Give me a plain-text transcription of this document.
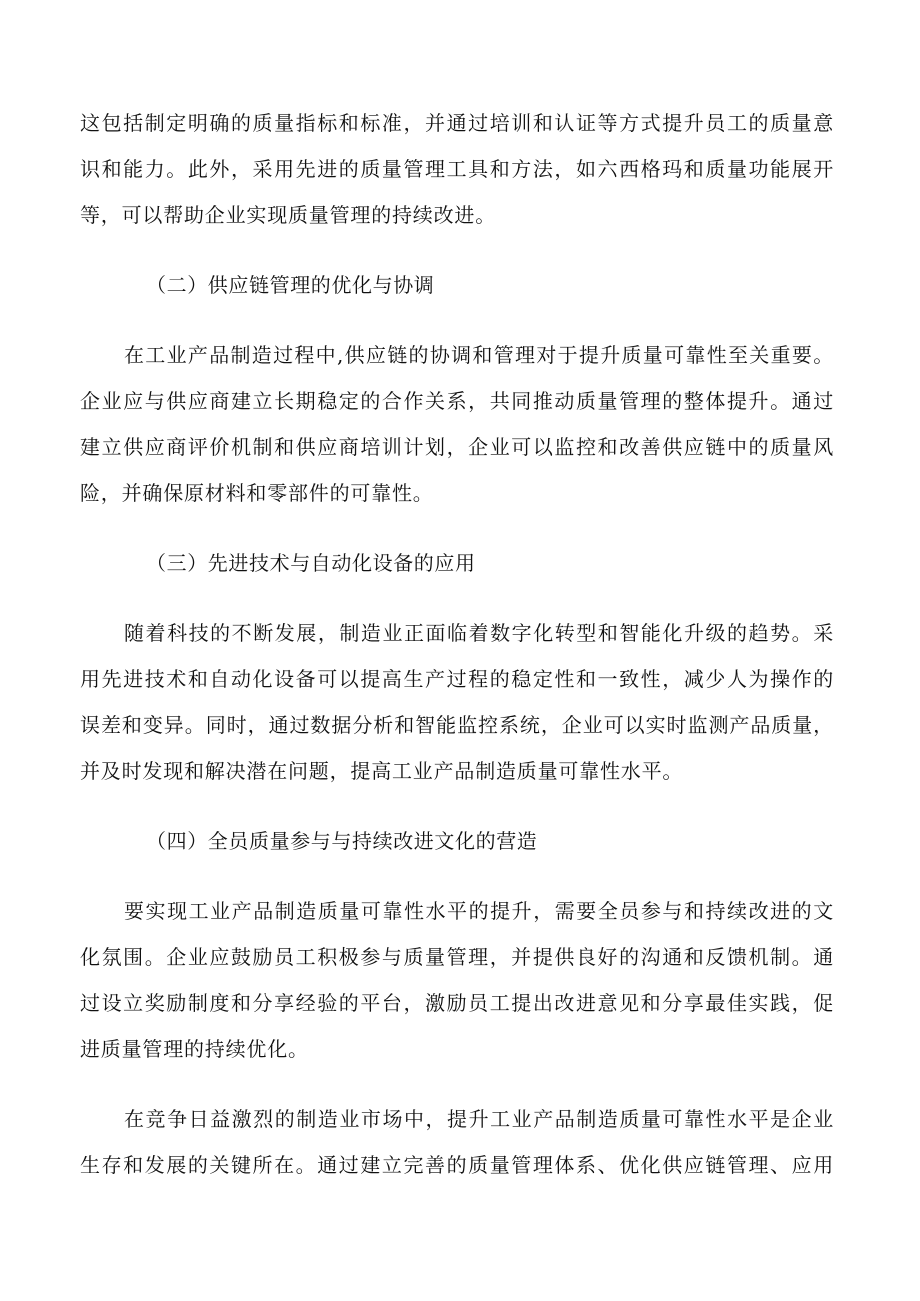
这包括制定明确的质量指标和标准，并通过培训和认证等方式提升员工的质量意
识和能力。此外，采用先进的质量管理工具和方法，如六西格玛和质量功能展开
等，可以帮助企业实现质量管理的持续改进。
（二）供应链管理的优化与协调
在工业产品制造过程中,供应链的协调和管理对于提升质量可靠性至关重要。
企业应与供应商建立长期稳定的合作关系，共同推动质量管理的整体提升。通过
建立供应商评价机制和供应商培训计划，企业可以监控和改善供应链中的质量风
险，并确保原材料和零部件的可靠性。
（三）先进技术与自动化设备的应用
随着科技的不断发展，制造业正面临着数字化转型和智能化升级的趋势。采
用先进技术和自动化设备可以提高生产过程的稳定性和一致性，减少人为操作的
误差和变异。同时，通过数据分析和智能监控系统，企业可以实时监测产品质量，
并及时发现和解决潜在问题，提高工业产品制造质量可靠性水平。
（四）全员质量参与与持续改进文化的营造
要实现工业产品制造质量可靠性水平的提升，需要全员参与和持续改进的文
化氛围。企业应鼓励员工积极参与质量管理，并提供良好的沟通和反馈机制。通
过设立奖励制度和分享经验的平台，激励员工提出改进意见和分享最佳实践，促
进质量管理的持续优化。
在竞争日益激烈的制造业市场中，提升工业产品制造质量可靠性水平是企业
生存和发展的关键所在。通过建立完善的质量管理体系、优化供应链管理、应用
